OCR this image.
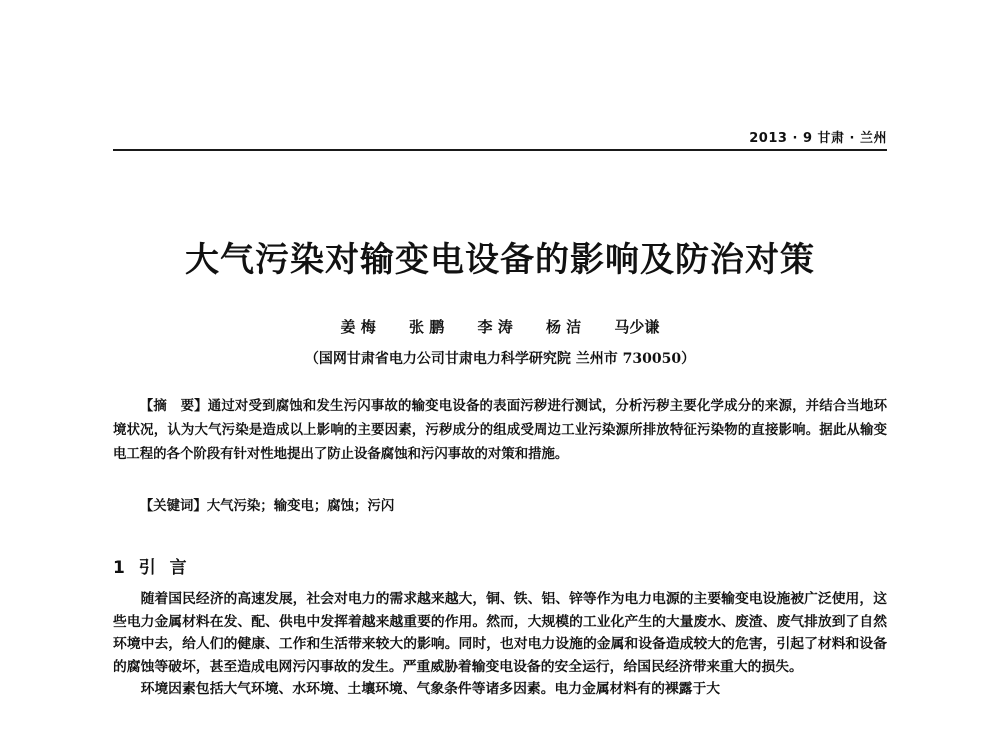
2013 · 9 甘肃 · 兰州
大气污染对输变电设备的影响及防治对策
姜 梅 张 鹏 李 涛 杨 洁 马少谦
（国网甘肃省电力公司甘肃电力科学研究院 兰州市 730050）

【摘　要】通过对受到腐蚀和发生污闪事故的输变电设备的表面污秽进行测试，分析污秽主要化学成分的来源，并结合当地环境状况，认为大气污染是造成以上影响的主要因素，污秽成分的组成受周边工业污染源所排放特征污染物的直接影响。据此从输变电工程的各个阶段有针对性地提出了防止设备腐蚀和污闪事故的对策和措施。

【关键词】大气污染；输变电；腐蚀；污闪
1 引 言

随着国民经济的高速发展，社会对电力的需求越来越大，铜、铁、铝、锌等作为电力电源的主要输变电设施被广泛使用，这些电力金属材料在发、配、供电中发挥着越来越重要的作用。然而，大规模的工业化产生的大量废水、废渣、废气排放到了自然环境中去，给人们的健康、工作和生活带来较大的影响。同时，也对电力设施的金属和设备造成较大的危害，引起了材料和设备的腐蚀等破坏，甚至造成电网污闪事故的发生。严重威胁着输变电设备的安全运行，给国民经济带来重大的损失。

环境因素包括大气环境、水环境、土壤环境、气象条件等诸多因素。电力金属材料有的裸露于大
